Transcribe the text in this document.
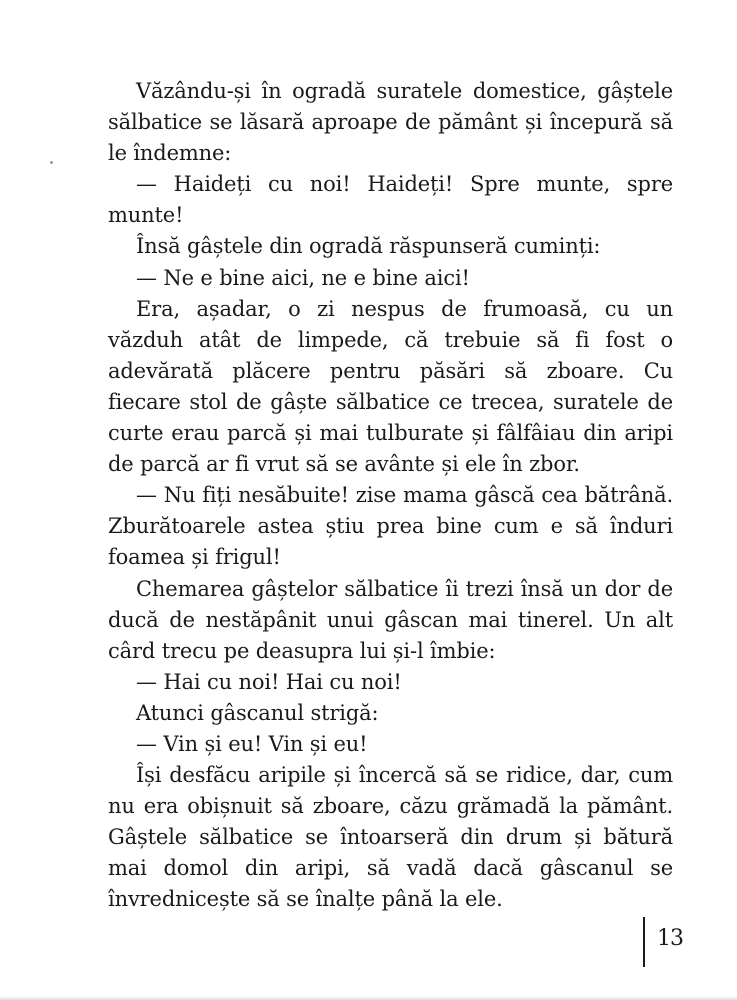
Văzându-și în ogradă suratele domestice, gâștele sălbatice se lăsară aproape de pământ și începură să le îndemne:

— Haideți cu noi! Haideți! Spre munte, spre munte!

Însă gâștele din ogradă răspunseră cuminți:

— Ne e bine aici, ne e bine aici!

Era, așadar, o zi nespus de frumoasă, cu un văzduh atât de limpede, că trebuie să fi fost o adevărată plăcere pentru păsări să zboare. Cu fiecare stol de gâște sălbatice ce trecea, suratele de curte erau parcă și mai tulburate și fâlfâiau din aripi de parcă ar fi vrut să se avânte și ele în zbor.

— Nu fiți nesăbuite! zise mama gâscă cea bătrână. Zburătoarele astea știu prea bine cum e să înduri foamea și frigul!

Chemarea gâștelor sălbatice îi trezi însă un dor de ducă de nestăpânit unui gâscan mai tinerel. Un alt cârd trecu pe deasupra lui și-l îmbie:

— Hai cu noi! Hai cu noi!

Atunci gâscanul strigă:

— Vin și eu! Vin și eu!

Își desfăcu aripile și încercă să se ridice, dar, cum nu era obișnuit să zboare, căzu grămadă la pământ. Gâștele sălbatice se întoarseră din drum și bătură mai domol din aripi, să vadă dacă gâscanul se învrednicește să se înalțe până la ele.

13
